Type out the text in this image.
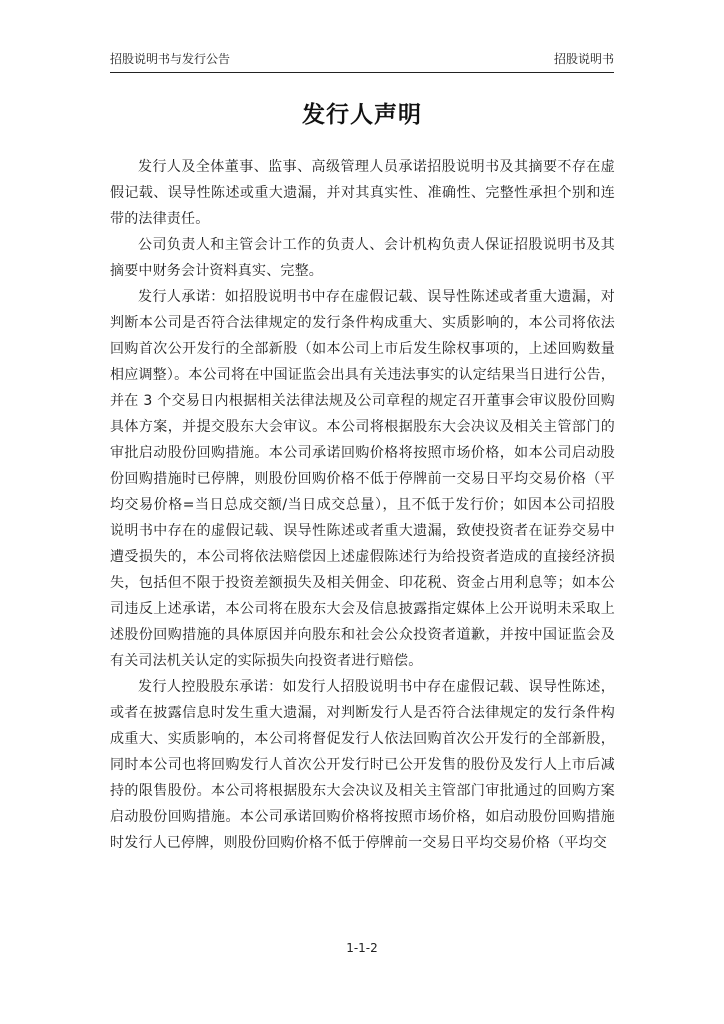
招股说明书与发行公告	招股说明书
发行人声明

发行人及全体董事、监事、高级管理人员承诺招股说明书及其摘要不存在虚假记载、误导性陈述或重大遗漏，并对其真实性、准确性、完整性承担个别和连带的法律责任。

公司负责人和主管会计工作的负责人、会计机构负责人保证招股说明书及其摘要中财务会计资料真实、完整。

发行人承诺：如招股说明书中存在虚假记载、误导性陈述或者重大遗漏，对判断本公司是否符合法律规定的发行条件构成重大、实质影响的，本公司将依法回购首次公开发行的全部新股（如本公司上市后发生除权事项的，上述回购数量相应调整）。本公司将在中国证监会出具有关违法事实的认定结果当日进行公告，并在 3 个交易日内根据相关法律法规及公司章程的规定召开董事会审议股份回购具体方案，并提交股东大会审议。本公司将根据股东大会决议及相关主管部门的审批启动股份回购措施。本公司承诺回购价格将按照市场价格，如本公司启动股份回购措施时已停牌，则股份回购价格不低于停牌前一交易日平均交易价格（平均交易价格=当日总成交额/当日成交总量），且不低于发行价；如因本公司招股说明书中存在的虚假记载、误导性陈述或者重大遗漏，致使投资者在证券交易中遭受损失的，本公司将依法赔偿因上述虚假陈述行为给投资者造成的直接经济损失，包括但不限于投资差额损失及相关佣金、印花税、资金占用利息等；如本公司违反上述承诺，本公司将在股东大会及信息披露指定媒体上公开说明未采取上述股份回购措施的具体原因并向股东和社会公众投资者道歉，并按中国证监会及有关司法机关认定的实际损失向投资者进行赔偿。

发行人控股股东承诺：如发行人招股说明书中存在虚假记载、误导性陈述，或者在披露信息时发生重大遗漏，对判断发行人是否符合法律规定的发行条件构成重大、实质影响的，本公司将督促发行人依法回购首次公开发行的全部新股，同时本公司也将回购发行人首次公开发行时已公开发售的股份及发行人上市后减持的限售股份。本公司将根据股东大会决议及相关主管部门审批通过的回购方案启动股份回购措施。本公司承诺回购价格将按照市场价格，如启动股份回购措施时发行人已停牌，则股份回购价格不低于停牌前一交易日平均交易价格（平均交

1-1-2
